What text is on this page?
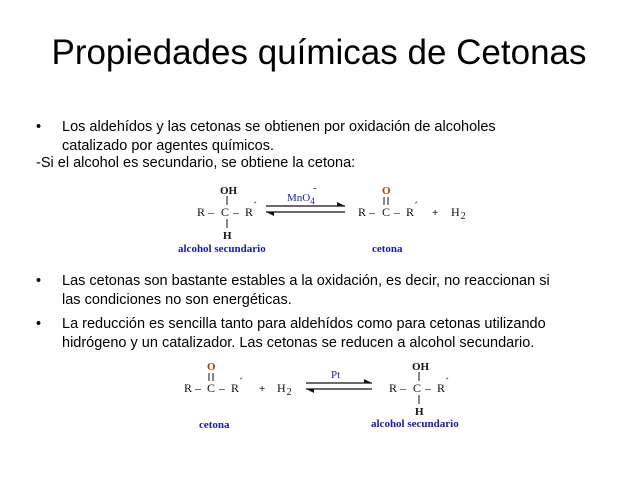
Propiedades químicas de Cetonas
• Los aldehídos y las cetonas se obtienen por oxidación de alcoholes
catalizado por agentes químicos.
-Si el alcohol es secundario, se obtiene la cetona:
• Las cetonas son bastante estables a la oxidación, es decir, no reaccionan si
las condiciones no son energéticas.
• La reducción es sencilla tanto para aldehídos como para cetonas utilizando
hidrógeno y un catalizador. Las cetonas se reducen a alcohol secundario.
OH
R – C – R ´
H
alcohol secundario
MnO$_4$
-	O
R – C – R ´
cetona
+ $H_2$
O
R – C – R ´
cetona
+ $H_2$
Pt
OH
R – C – R ´
H
alcohol secundario
